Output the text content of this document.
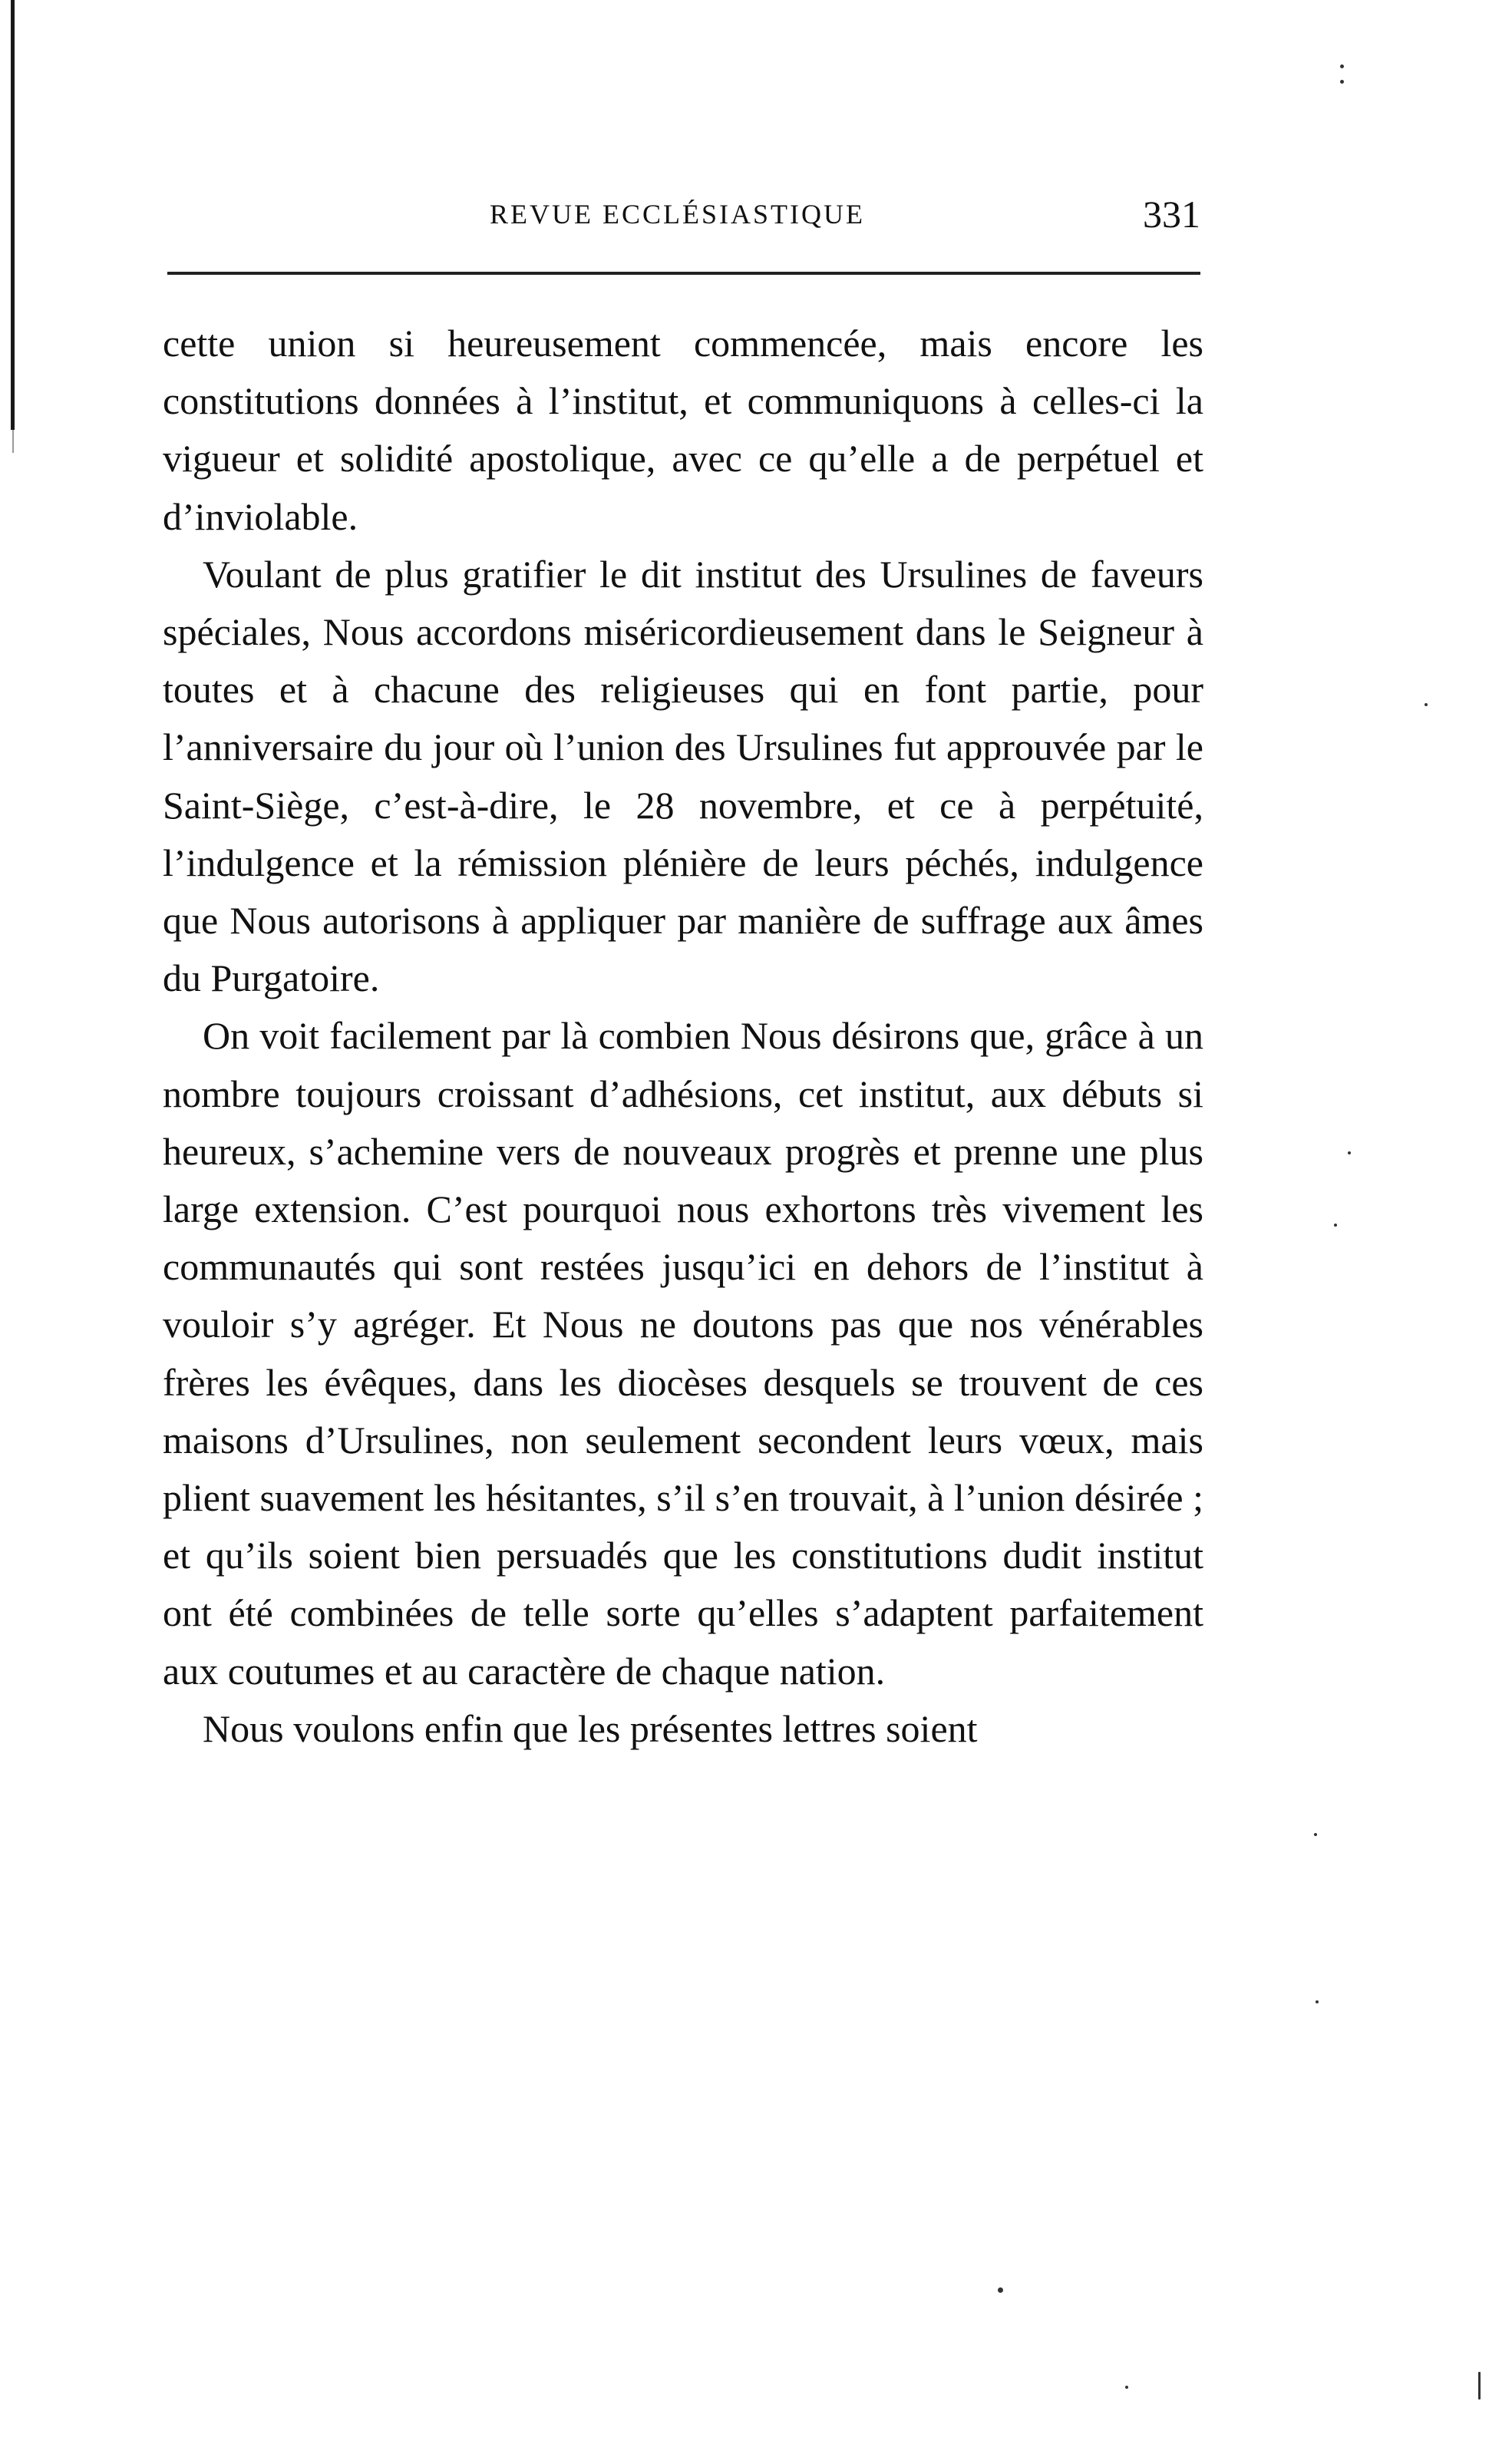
REVUE ECCLÉSIASTIQUE	331

cette union si heureusement commencée, mais encore les constitutions données à l’institut, et communiquons à celles-ci la vigueur et solidité apostolique, avec ce qu’elle a de perpétuel et d’inviolable.

Voulant de plus gratifier le dit institut des Ursulines de faveurs spéciales, Nous accordons miséricordieusement dans le Seigneur à toutes et à chacune des religieuses qui en font partie, pour l’anniversaire du jour où l’union des Ursulines fut approuvée par le Saint-Siège, c’est-à-dire, le 28 novembre, et ce à perpétuité, l’indulgence et la rémission plénière de leurs péchés, indulgence que Nous autorisons à appliquer par manière de suffrage aux âmes du Purgatoire.

On voit facilement par là combien Nous désirons que, grâce à un nombre toujours croissant d’adhésions, cet institut, aux débuts si heureux, s’achemine vers de nouveaux progrès et prenne une plus large extension. C’est pourquoi nous exhortons très vivement les communautés qui sont restées jusqu’ici en dehors de l’institut à vouloir s’y agréger. Et Nous ne doutons pas que nos vénérables frères les évêques, dans les diocèses desquels se trouvent de ces maisons d’Ursulines, non seulement secondent leurs vœux, mais plient suavement les hésitantes, s’il s’en trouvait, à l’union désirée ; et qu’ils soient bien persuadés que les constitutions dudit institut ont été combinées de telle sorte qu’elles s’adaptent parfaitement aux coutumes et au caractère de chaque nation.

Nous voulons enfin que les présentes lettres soient
